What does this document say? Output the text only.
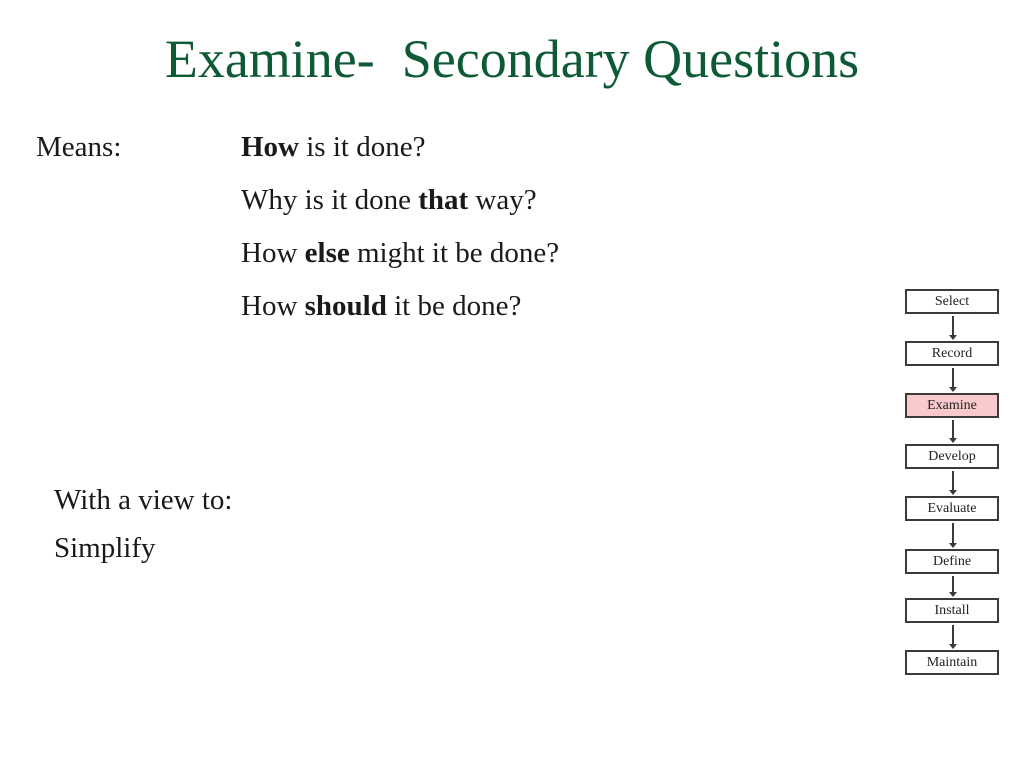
Examine-  Secondary Questions
Means:	How is it done?
Why is it done that way?
How else might it be done?
How should it be done?
With a view to:
Simplify
Select
Record
Examine
Develop
Evaluate
Define
Install
Maintain
